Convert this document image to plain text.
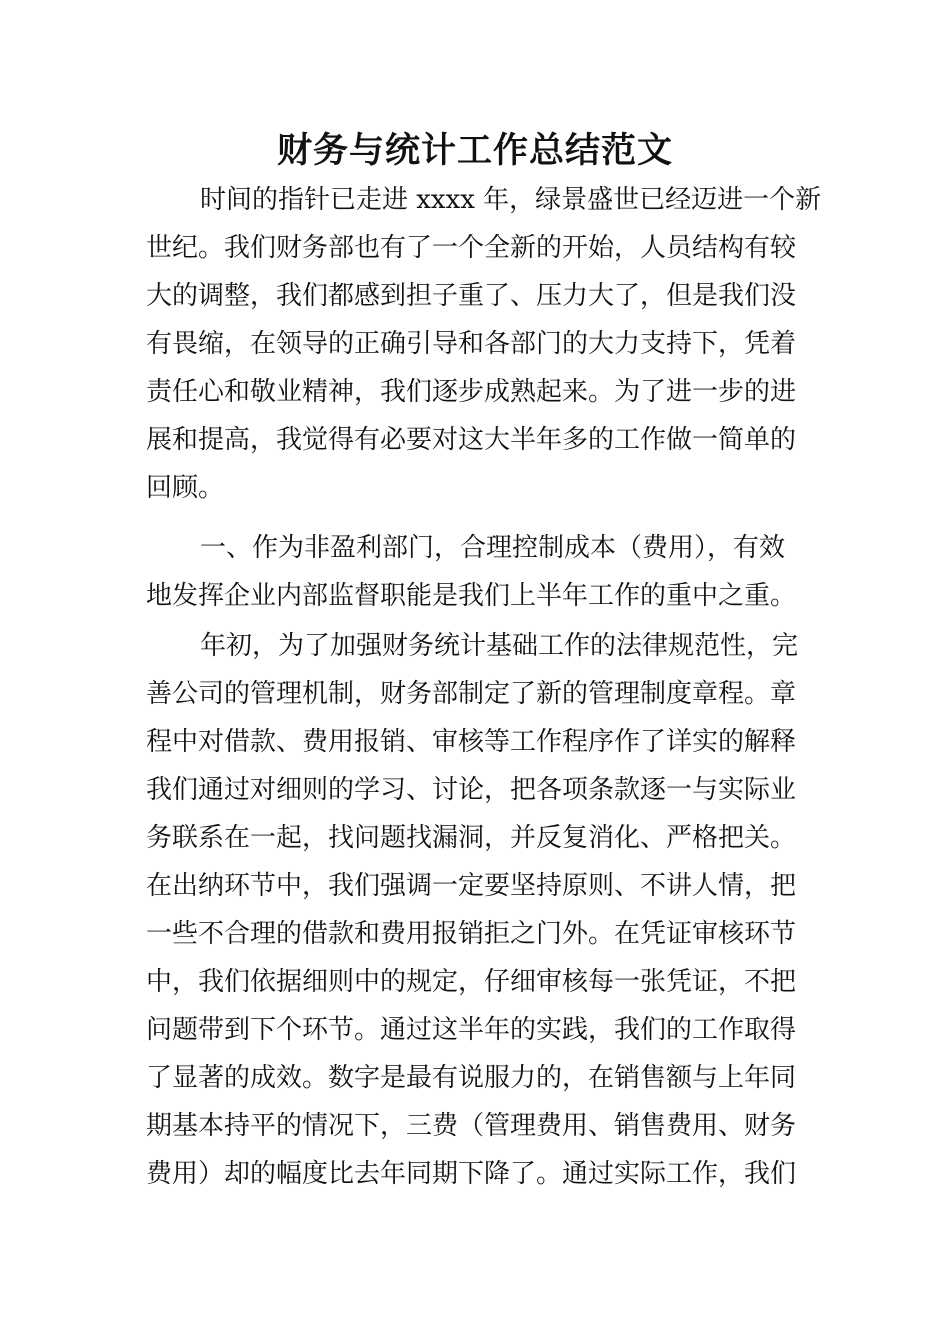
财务与统计工作总结范文
时间的指针已走进 xxxx 年，绿景盛世已经迈进一个新
世纪。我们财务部也有了一个全新的开始，人员结构有较
大的调整，我们都感到担子重了、压力大了，但是我们没
有畏缩，在领导的正确引导和各部门的大力支持下，凭着
责任心和敬业精神，我们逐步成熟起来。为了进一步的进
展和提高，我觉得有必要对这大半年多的工作做一简单的
回顾。
一、作为非盈利部门，合理控制成本（费用），有效
地发挥企业内部监督职能是我们上半年工作的重中之重。
年初，为了加强财务统计基础工作的法律规范性，完
善公司的管理机制，财务部制定了新的管理制度章程。章
程中对借款、费用报销、审核等工作程序作了详实的解释
我们通过对细则的学习、讨论，把各项条款逐一与实际业
务联系在一起，找问题找漏洞，并反复消化、严格把关。
在出纳环节中，我们强调一定要坚持原则、不讲人情，把
一些不合理的借款和费用报销拒之门外。在凭证审核环节
中，我们依据细则中的规定，仔细审核每一张凭证，不把
问题带到下个环节。通过这半年的实践，我们的工作取得
了显著的成效。数字是最有说服力的，在销售额与上年同
期基本持平的情况下，三费（管理费用、销售费用、财务
费用）却的幅度比去年同期下降了。通过实际工作，我们
